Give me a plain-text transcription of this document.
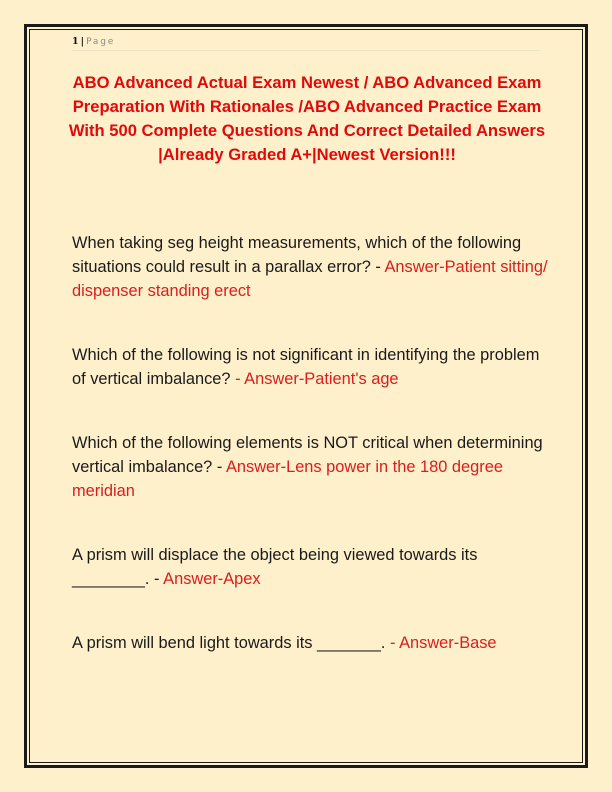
1 | Page
ABO Advanced Actual Exam Newest / ABO Advanced Exam Preparation With Rationales /ABO Advanced Practice Exam With 500 Complete Questions And Correct Detailed Answers |Already Graded A+|Newest Version!!!
When taking seg height measurements, which of the following situations could result in a parallax error? - Answer-Patient sitting/ dispenser standing erect
Which of the following is not significant in identifying the problem of vertical imbalance? - Answer-Patient's age
Which of the following elements is NOT critical when determining vertical imbalance? - Answer-Lens power in the 180 degree meridian
A prism will displace the object being viewed towards its ________. - Answer-Apex
A prism will bend light towards its _______. - Answer-Base
